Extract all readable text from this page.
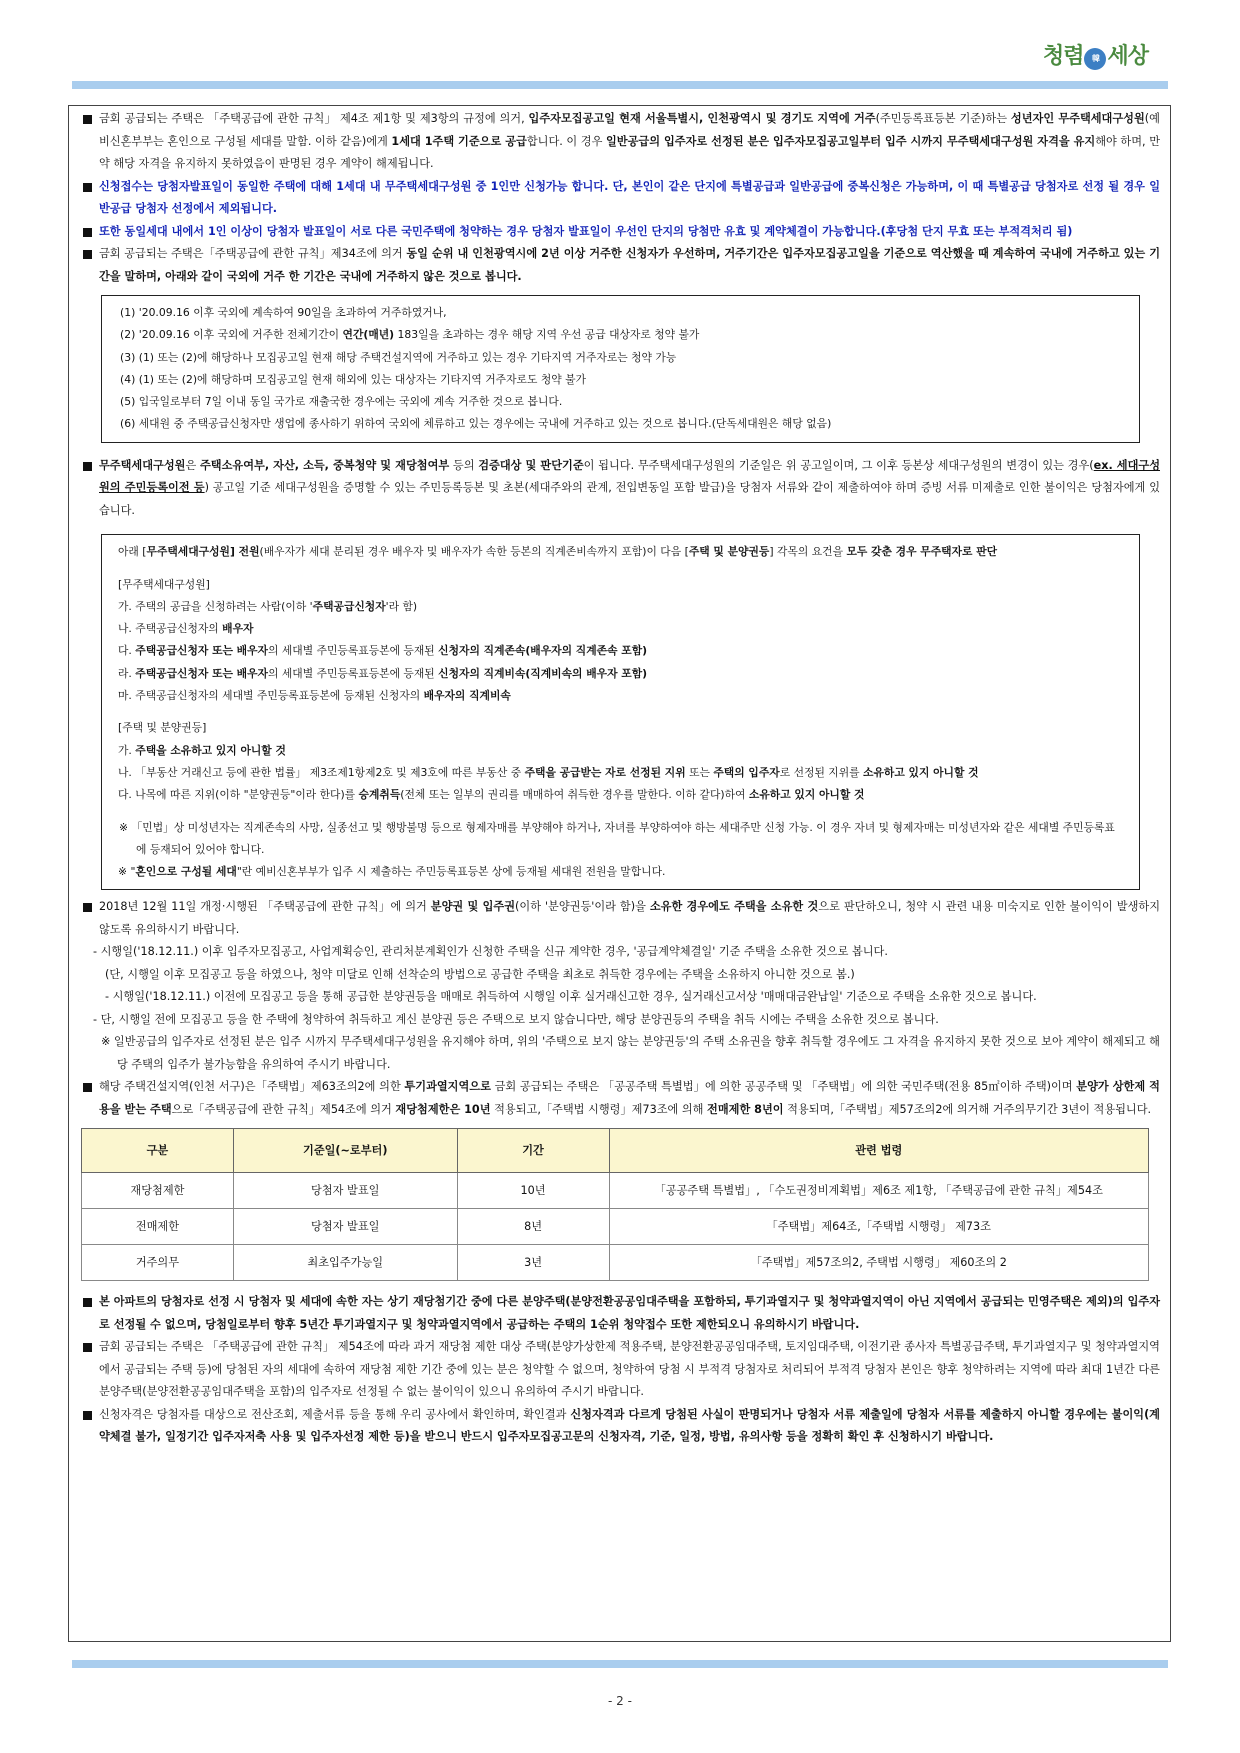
청렴 韓 세상
금회 공급되는 주택은 「주택공급에 관한 규칙」 제4조 제1항 및 제3항의 규정에 의거, 입주자모집공고일 현재 서울특별시, 인천광역시 및 경기도 지역에 거주(주민등록표등본 기준)하는 성년자인 무주택세대구성원(예비신혼부부는 혼인으로 구성될 세대를 말함. 이하 같음)에게 1세대 1주택 기준으로 공급합니다. 이 경우 일반공급의 입주자로 선정된 분은 입주자모집공고일부터 입주 시까지 무주택세대구성원 자격을 유지해야 하며, 만약 해당 자격을 유지하지 못하였음이 판명된 경우 계약이 해제됩니다.
신청접수는 당첨자발표일이 동일한 주택에 대해 1세대 내 무주택세대구성원 중 1인만 신청가능 합니다. 단, 본인이 같은 단지에 특별공급과 일반공급에 중복신청은 가능하며, 이 때 특별공급 당첨자로 선정 될 경우 일반공급 당첨자 선정에서 제외됩니다.
또한 동일세대 내에서 1인 이상이 당첨자 발표일이 서로 다른 국민주택에 청약하는 경우 당첨자 발표일이 우선인 단지의 당첨만 유효 및 계약체결이 가능합니다.(후당첨 단지 무효 또는 부적격처리 됨)
금회 공급되는 주택은「주택공급에 관한 규칙」제34조에 의거 동일 순위 내 인천광역시에 2년 이상 거주한 신청자가 우선하며, 거주기간은 입주자모집공고일을 기준으로 역산했을 때 계속하여 국내에 거주하고 있는 기간을 말하며, 아래와 같이 국외에 거주 한 기간은 국내에 거주하지 않은 것으로 봅니다.
(1) '20.09.16 이후 국외에 계속하여 90일을 초과하여 거주하였거나,
(2) '20.09.16 이후 국외에 거주한 전체기간이 연간(매년) 183일을 초과하는 경우 해당 지역 우선 공급 대상자로 청약 불가
(3) (1) 또는 (2)에 해당하나 모집공고일 현재 해당 주택건설지역에 거주하고 있는 경우 기타지역 거주자로는 청약 가능
(4) (1) 또는 (2)에 해당하며 모집공고일 현재 해외에 있는 대상자는 기타지역 거주자로도 청약 불가
(5) 입국일로부터 7일 이내 동일 국가로 재출국한 경우에는 국외에 계속 거주한 것으로 봅니다.
(6) 세대원 중 주택공급신청자만 생업에 종사하기 위하여 국외에 체류하고 있는 경우에는 국내에 거주하고 있는 것으로 봅니다.(단독세대원은 해당 없음)
무주택세대구성원은 주택소유여부, 자산, 소득, 중복청약 및 재당첨여부 등의 검증대상 및 판단기준이 됩니다. 무주택세대구성원의 기준일은 위 공고일이며, 그 이후 등본상 세대구성원의 변경이 있는 경우(ex. 세대구성원의 주민등록이전 등) 공고일 기준 세대구성원을 증명할 수 있는 주민등록등본 및 초본(세대주와의 관계, 전입변동일 포함 발급)을 당첨자 서류와 같이 제출하여야 하며 증빙 서류 미제출로 인한 불이익은 당첨자에게 있습니다.
아래 [무주택세대구성원] 전원(배우자가 세대 분리된 경우 배우자 및 배우자가 속한 등본의 직계존비속까지 포함)이 다음 [주택 및 분양권등] 각목의 요건을 모두 갖춘 경우 무주택자로 판단
[무주택세대구성원]
가. 주택의 공급을 신청하려는 사람(이하 '주택공급신청자'라 함)
나. 주택공급신청자의 배우자
다. 주택공급신청자 또는 배우자의 세대별 주민등록표등본에 등재된 신청자의 직계존속(배우자의 직계존속 포함)
라. 주택공급신청자 또는 배우자의 세대별 주민등록표등본에 등재된 신청자의 직계비속(직계비속의 배우자 포함)
마. 주택공급신청자의 세대별 주민등록표등본에 등재된 신청자의 배우자의 직계비속
[주택 및 분양권등]
가. 주택을 소유하고 있지 아니할 것
나. 「부동산 거래신고 등에 관한 법률」 제3조제1항제2호 및 제3호에 따른 부동산 중 주택을 공급받는 자로 선정된 지위 또는 주택의 입주자로 선정된 지위를 소유하고 있지 아니할 것
다. 나목에 따른 지위(이하 "분양권등"이라 한다)를 승계취득(전체 또는 일부의 권리를 매매하여 취득한 경우를 말한다. 이하 같다)하여 소유하고 있지 아니할 것
※ 「민법」상 미성년자는 직계존속의 사망, 실종선고 및 행방불명 등으로 형제자매를 부양해야 하거나, 자녀를 부양하여야 하는 세대주만 신청 가능. 이 경우 자녀 및 형제자매는 미성년자와 같은 세대별 주민등록표에 등재되어 있어야 합니다.
※ "혼인으로 구성될 세대"란 예비신혼부부가 입주 시 제출하는 주민등록표등본 상에 등재될 세대원 전원을 말합니다.
2018년 12월 11일 개정·시행된 「주택공급에 관한 규칙」에 의거 분양권 및 입주권(이하 '분양권등'이라 함)을 소유한 경우에도 주택을 소유한 것으로 판단하오니, 청약 시 관련 내용 미숙지로 인한 불이익이 발생하지 않도록 유의하시기 바랍니다.
- 시행일('18.12.11.) 이후 입주자모집공고, 사업계획승인, 관리처분계획인가 신청한 주택을 신규 계약한 경우, '공급계약체결일' 기준 주택을 소유한 것으로 봅니다.
(단, 시행일 이후 모집공고 등을 하였으나, 청약 미달로 인해 선착순의 방법으로 공급한 주택을 최초로 취득한 경우에는 주택을 소유하지 아니한 것으로 봄.)
- 시행일('18.12.11.) 이전에 모집공고 등을 통해 공급한 분양권등을 매매로 취득하여 시행일 이후 실거래신고한 경우, 실거래신고서상 '매매대금완납일' 기준으로 주택을 소유한 것으로 봅니다.
- 단, 시행일 전에 모집공고 등을 한 주택에 청약하여 취득하고 계신 분양권 등은 주택으로 보지 않습니다만, 해당 분양권등의 주택을 취득 시에는 주택을 소유한 것으로 봅니다.
※ 일반공급의 입주자로 선정된 분은 입주 시까지 무주택세대구성원을 유지해야 하며, 위의 '주택으로 보지 않는 분양권등'의 주택 소유권을 향후 취득할 경우에도 그 자격을 유지하지 못한 것으로 보아 계약이 해제되고 해당 주택의 입주가 불가능함을 유의하여 주시기 바랍니다.
해당 주택건설지역(인천 서구)은「주택법」제63조의2에 의한 투기과열지역으로 금회 공급되는 주택은 「공공주택 특별법」에 의한 공공주택 및 「주택법」에 의한 국민주택(전용 85㎡이하 주택)이며 분양가 상한제 적용을 받는 주택으로「주택공급에 관한 규칙」제54조에 의거 재당첨제한은 10년 적용되고,「주택법 시행령」제73조에 의해 전매제한 8년이 적용되며,「주택법」제57조의2에 의거해 거주의무기간 3년이 적용됩니다.
구분	기준일(~로부터)	기간	관련 법령
재당첨제한	당첨자 발표일	10년	「공공주택 특별법」, 「수도권정비계획법」제6조 제1항, 「주택공급에 관한 규칙」제54조
전매제한	당첨자 발표일	8년	「주택법」제64조,「주택법 시행령」 제73조
거주의무	최초입주가능일	3년	「주택법」제57조의2, 주택법 시행령」 제60조의 2
본 아파트의 당첨자로 선정 시 당첨자 및 세대에 속한 자는 상기 재당첨기간 중에 다른 분양주택(분양전환공공임대주택을 포함하되, 투기과열지구 및 청약과열지역이 아닌 지역에서 공급되는 민영주택은 제외)의 입주자로 선정될 수 없으며, 당첨일로부터 향후 5년간 투기과열지구 및 청약과열지역에서 공급하는 주택의 1순위 청약접수 또한 제한되오니 유의하시기 바랍니다.
금회 공급되는 주택은 「주택공급에 관한 규칙」 제54조에 따라 과거 재당첨 제한 대상 주택(분양가상한제 적용주택, 분양전환공공임대주택, 토지임대주택, 이전기관 종사자 특별공급주택, 투기과열지구 및 청약과열지역에서 공급되는 주택 등)에 당첨된 자의 세대에 속하여 재당첨 제한 기간 중에 있는 분은 청약할 수 없으며, 청약하여 당첨 시 부적격 당첨자로 처리되어 부적격 당첨자 본인은 향후 청약하려는 지역에 따라 최대 1년간 다른 분양주택(분양전환공공임대주택을 포함)의 입주자로 선정될 수 없는 불이익이 있으니 유의하여 주시기 바랍니다.
신청자격은 당첨자를 대상으로 전산조회, 제출서류 등을 통해 우리 공사에서 확인하며, 확인결과 신청자격과 다르게 당첨된 사실이 판명되거나 당첨자 서류 제출일에 당첨자 서류를 제출하지 아니할 경우에는 불이익(계약체결 불가, 일정기간 입주자저축 사용 및 입주자선정 제한 등)을 받으니 반드시 입주자모집공고문의 신청자격, 기준, 일정, 방법, 유의사항 등을 정확히 확인 후 신청하시기 바랍니다.
- 2 -
